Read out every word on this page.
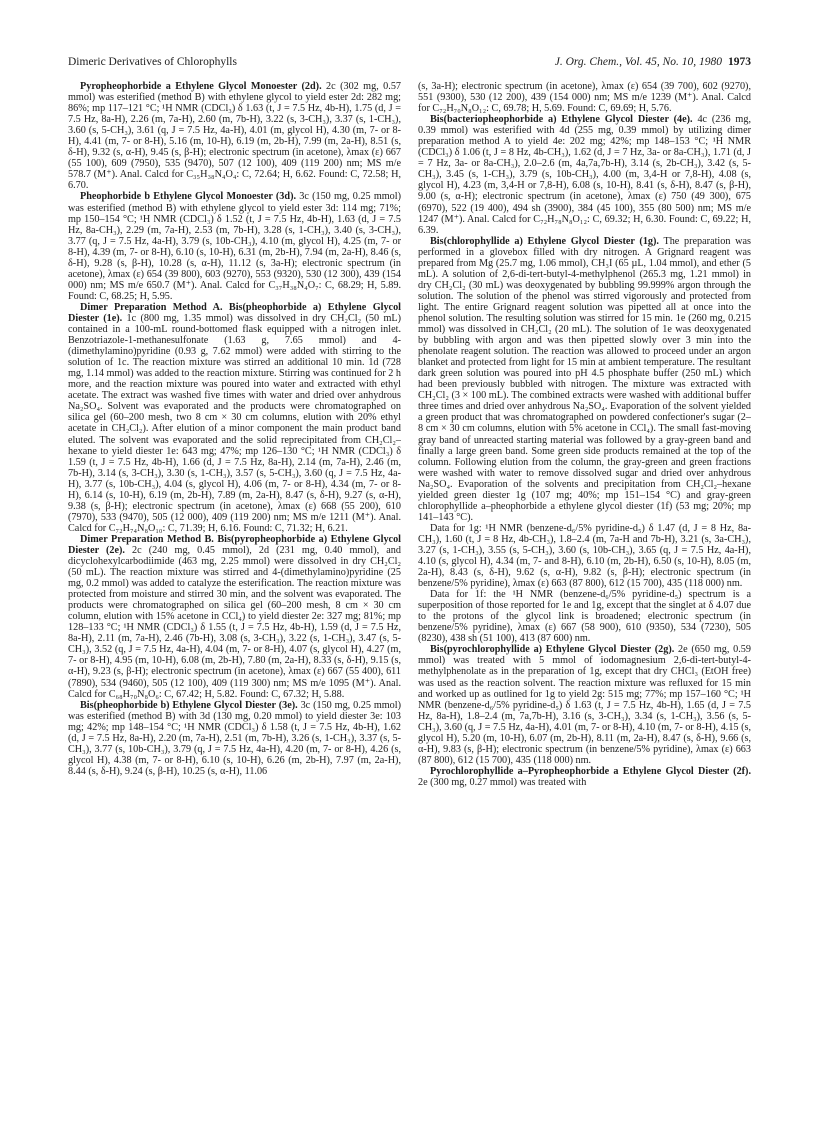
Dimeric Derivatives of Chlorophylls	J. Org. Chem., Vol. 45, No. 10, 1980 1973

Pyropheophorbide a Ethylene Glycol Monoester (2d). 2c (302 mg, 0.57 mmol) was esterified (method B) with ethylene glycol to yield ester 2d: 282 mg; 86%; mp 117–121 °C; ¹H NMR (CDCl₃) δ 1.63 (t, J = 7.5 Hz, 4b-H), 1.75 (d, J = 7.5 Hz, 8a-H), 2.26 (m, 7a-H), 2.60 (m, 7b-H), 3.22 (s, 3-CH₃), 3.37 (s, 1-CH₃), 3.60 (s, 5-CH₃), 3.61 (q, J = 7.5 Hz, 4a-H), 4.01 (m, glycol H), 4.30 (m, 7- or 8-H), 4.41 (m, 7- or 8-H), 5.16 (m, 10-H), 6.19 (m, 2b-H), 7.99 (m, 2a-H), 8.51 (s, δ-H), 9.32 (s, α-H), 9.45 (s, β-H); electronic spectrum (in acetone), λmax (ε) 667 (55 100), 609 (7950), 535 (9470), 507 (12 100), 409 (119 200) nm; MS m/e 578.7 (M⁺). Anal. Calcd for C₃₅H₃₈N₄O₄: C, 72.64; H, 6.62. Found: C, 72.58; H, 6.70.

Pheophorbide b Ethylene Glycol Monoester (3d). 3c (150 mg, 0.25 mmol) was esterified (method B) with ethylene glycol to yield ester 3d: 114 mg; 71%; mp 150–154 °C; ¹H NMR (CDCl₃) δ 1.52 (t, J = 7.5 Hz, 4b-H), 1.63 (d, J = 7.5 Hz, 8a-CH₃), 2.29 (m, 7a-H), 2.53 (m, 7b-H), 3.28 (s, 1-CH₃), 3.40 (s, 3-CH₃), 3.77 (q, J = 7.5 Hz, 4a-H), 3.79 (s, 10b-CH₃), 4.10 (m, glycol H), 4.25 (m, 7- or 8-H), 4.39 (m, 7- or 8-H), 6.10 (s, 10-H), 6.31 (m, 2b-H), 7.94 (m, 2a-H), 8.46 (s, δ-H), 9.28 (s, β-H), 10.28 (s, α-H), 11.12 (s, 3a-H); electronic spectrum (in acetone), λmax (ε) 654 (39 800), 603 (9270), 553 (9320), 530 (12 300), 439 (154 000) nm; MS m/e 650.7 (M⁺). Anal. Calcd for C₃₇H₃₈N₄O₇: C, 68.29; H, 5.89. Found: C, 68.25; H, 5.95.

Dimer Preparation Method A. Bis(pheophorbide a) Ethylene Glycol Diester (1e). 1c (800 mg, 1.35 mmol) was dissolved in dry CH₂Cl₂ (50 mL) contained in a 100-mL round-bottomed flask equipped with a nitrogen inlet. Benzotriazole-1-methanesulfonate (1.63 g, 7.65 mmol) and 4-(dimethylamino)pyridine (0.93 g, 7.62 mmol) were added with stirring to the solution of 1c. The reaction mixture was stirred an additional 10 min. 1d (728 mg, 1.14 mmol) was added to the reaction mixture. Stirring was continued for 2 h more, and the reaction mixture was poured into water and extracted with ethyl acetate. The extract was washed five times with water and dried over anhydrous Na₂SO₄. Solvent was evaporated and the products were chromatographed on silica gel (60–200 mesh, two 8 cm × 30 cm columns, elution with 20% ethyl acetate in CH₂Cl₂). After elution of a minor component the main product band eluted. The solvent was evaporated and the solid reprecipitated from CH₂Cl₂–hexane to yield diester 1e: 643 mg; 47%; mp 126–130 °C; ¹H NMR (CDCl₃) δ 1.59 (t, J = 7.5 Hz, 4b-H), 1.66 (d, J = 7.5 Hz, 8a-H), 2.14 (m, 7a-H), 2.46 (m, 7b-H), 3.14 (s, 3-CH₃), 3.30 (s, 1-CH₃), 3.57 (s, 5-CH₃), 3.60 (q, J = 7.5 Hz, 4a-H), 3.77 (s, 10b-CH₃), 4.04 (s, glycol H), 4.06 (m, 7- or 8-H), 4.34 (m, 7- or 8-H), 6.14 (s, 10-H), 6.19 (m, 2b-H), 7.89 (m, 2a-H), 8.47 (s, δ-H), 9.27 (s, α-H), 9.38 (s, β-H); electronic spectrum (in acetone), λmax (ε) 668 (55 200), 610 (7970), 533 (9470), 505 (12 000), 409 (119 200) nm; MS m/e 1211 (M⁺). Anal. Calcd for C₇₂H₇₄N₈O₁₀: C, 71.39; H, 6.16. Found: C, 71.32; H, 6.21.

Dimer Preparation Method B. Bis(pyropheophorbide a) Ethylene Glycol Diester (2e). 2c (240 mg, 0.45 mmol), 2d (231 mg, 0.40 mmol), and dicyclohexylcarbodiimide (463 mg, 2.25 mmol) were dissolved in dry CH₂Cl₂ (50 mL). The reaction mixture was stirred and 4-(dimethylamino)pyridine (25 mg, 0.2 mmol) was added to catalyze the esterification. The reaction mixture was protected from moisture and stirred 30 min, and the solvent was evaporated. The products were chromatographed on silica gel (60–200 mesh, 8 cm × 30 cm column, elution with 15% acetone in CCl₄) to yield diester 2e: 327 mg; 81%; mp 128–133 °C; ¹H NMR (CDCl₃) δ 1.55 (t, J = 7.5 Hz, 4b-H), 1.59 (d, J = 7.5 Hz, 8a-H), 2.11 (m, 7a-H), 2.46 (7b-H), 3.08 (s, 3-CH₃), 3.22 (s, 1-CH₃), 3.47 (s, 5-CH₃), 3.52 (q, J = 7.5 Hz, 4a-H), 4.04 (m, 7- or 8-H), 4.07 (s, glycol H), 4.27 (m, 7- or 8-H), 4.95 (m, 10-H), 6.08 (m, 2b-H), 7.80 (m, 2a-H), 8.33 (s, δ-H), 9.15 (s, α-H), 9.23 (s, β-H); electronic spectrum (in acetone), λmax (ε) 667 (55 400), 611 (7890), 534 (9460), 505 (12 100), 409 (119 300) nm; MS m/e 1095 (M⁺). Anal. Calcd for C₆₈H₇₀N₈O₆: C, 67.42; H, 5.82. Found: C, 67.32; H, 5.88.

Bis(pheophorbide b) Ethylene Glycol Diester (3e). 3c (150 mg, 0.25 mmol) was esterified (method B) with 3d (130 mg, 0.20 mmol) to yield diester 3e: 103 mg; 42%; mp 148–154 °C; ¹H NMR (CDCl₃) δ 1.58 (t, J = 7.5 Hz, 4b-H), 1.62 (d, J = 7.5 Hz, 8a-H), 2.20 (m, 7a-H), 2.51 (m, 7b-H), 3.26 (s, 1-CH₃), 3.37 (s, 5-CH₃), 3.77 (s, 10b-CH₃), 3.79 (q, J = 7.5 Hz, 4a-H), 4.20 (m, 7- or 8-H), 4.26 (s, glycol H), 4.38 (m, 7- or 8-H), 6.10 (s, 10-H), 6.26 (m, 2b-H), 7.97 (m, 2a-H), 8.44 (s, δ-H), 9.24 (s, β-H), 10.25 (s, α-H), 11.06

(s, 3a-H); electronic spectrum (in acetone), λmax (ε) 654 (39 700), 602 (9270), 551 (9300), 530 (12 200), 439 (154 000) nm; MS m/e 1239 (M⁺). Anal. Calcd for C₇₂H₇₀N₈O₁₂: C, 69.78; H, 5.69. Found: C, 69.69; H, 5.76.

Bis(bacteriopheophorbide a) Ethylene Glycol Diester (4e). 4c (236 mg, 0.39 mmol) was esterified with 4d (255 mg, 0.39 mmol) by utilizing dimer preparation method A to yield 4e: 202 mg; 42%; mp 148–153 °C; ¹H NMR (CDCl₃) δ 1.06 (t, J = 8 Hz, 4b-CH₃), 1.62 (d, J = 7 Hz, 3a- or 8a-CH₃), 1.71 (d, J = 7 Hz, 3a- or 8a-CH₃), 2.0–2.6 (m, 4a,7a,7b-H), 3.14 (s, 2b-CH₃), 3.42 (s, 5-CH₃), 3.45 (s, 1-CH₃), 3.79 (s, 10b-CH₃), 4.00 (m, 3,4-H or 7,8-H), 4.08 (s, glycol H), 4.23 (m, 3,4-H or 7,8-H), 6.08 (s, 10-H), 8.41 (s, δ-H), 8.47 (s, β-H), 9.00 (s, α-H); electronic spectrum (in acetone), λmax (ε) 750 (49 300), 675 (6970), 522 (19 400), 494 sh (3900), 384 (45 100), 355 (80 500) nm; MS m/e 1247 (M⁺). Anal. Calcd for C₇₂H₇₈N₈O₁₂: C, 69.32; H, 6.30. Found: C, 69.22; H, 6.39.

Bis(chlorophyllide a) Ethylene Glycol Diester (1g). The preparation was performed in a glovebox filled with dry nitrogen. A Grignard reagent was prepared from Mg (25.7 mg, 1.06 mmol), CH₃I (65 µL, 1.04 mmol), and ether (5 mL). A solution of 2,6-di-tert-butyl-4-methylphenol (265.3 mg, 1.21 mmol) in dry CH₂Cl₂ (30 mL) was deoxygenated by bubbling 99.999% argon through the solution. The solution of the phenol was stirred vigorously and protected from light. The entire Grignard reagent solution was pipetted all at once into the phenol solution. The resulting solution was stirred for 15 min. 1e (260 mg, 0.215 mmol) was dissolved in CH₂Cl₂ (20 mL). The solution of 1e was deoxygenated by bubbling with argon and was then pipetted slowly over 3 min into the phenolate reagent solution. The reaction was allowed to proceed under an argon blanket and protected from light for 15 min at ambient temperature. The resultant dark green solution was poured into pH 4.5 phosphate buffer (250 mL) which had been previously bubbled with nitrogen. The mixture was extracted with CH₂Cl₂ (3 × 100 mL). The combined extracts were washed with additional buffer three times and dried over anhydrous Na₂SO₄. Evaporation of the solvent yielded a green product that was chromatographed on powdered confectioner's sugar (2–8 cm × 30 cm columns, elution with 5% acetone in CCl₄). The small fast-moving gray band of unreacted starting material was followed by a gray-green band and finally a large green band. Some green side products remained at the top of the column. Following elution from the column, the gray-green and green fractions were washed with water to remove dissolved sugar and dried over anhydrous Na₂SO₄. Evaporation of the solvents and precipitation from CH₂Cl₂–hexane yielded green diester 1g (107 mg; 40%; mp 151–154 °C) and gray-green chlorophyllide a–pheophorbide a ethylene glycol diester (1f) (53 mg; 20%; mp 141–143 °C).

Data for 1g: ¹H NMR (benzene-d₆/5% pyridine-d₅) δ 1.47 (d, J = 8 Hz, 8a-CH₃), 1.60 (t, J = 8 Hz, 4b-CH₃), 1.8–2.4 (m, 7a-H and 7b-H), 3.21 (s, 3a-CH₃), 3.27 (s, 1-CH₃), 3.55 (s, 5-CH₃), 3.60 (s, 10b-CH₃), 3.65 (q, J = 7.5 Hz, 4a-H), 4.10 (s, glycol H), 4.34 (m, 7- and 8-H), 6.10 (m, 2b-H), 6.50 (s, 10-H), 8.05 (m, 2a-H), 8.43 (s, δ-H), 9.62 (s, α-H), 9.82 (s, β-H); electronic spectrum (in benzene/5% pyridine), λmax (ε) 663 (87 800), 612 (15 700), 435 (118 000) nm.

Data for 1f: the ¹H NMR (benzene-d₆/5% pyridine-d₅) spectrum is a superposition of those reported for 1e and 1g, except that the singlet at δ 4.07 due to the protons of the glycol link is broadened; electronic spectrum (in benzene/5% pyridine), λmax (ε) 667 (58 900), 610 (9350), 534 (7230), 505 (8230), 438 sh (51 100), 413 (87 600) nm.

Bis(pyrochlorophyllide a) Ethylene Glycol Diester (2g). 2e (650 mg, 0.59 mmol) was treated with 5 mmol of iodomagnesium 2,6-di-tert-butyl-4-methylphenolate as in the preparation of 1g, except that dry CHCl₃ (EtOH free) was used as the reaction solvent. The reaction mixture was refluxed for 15 min and worked up as outlined for 1g to yield 2g: 515 mg; 77%; mp 157–160 °C; ¹H NMR (benzene-d₆/5% pyridine-d₅) δ 1.63 (t, J = 7.5 Hz, 4b-H), 1.65 (d, J = 7.5 Hz, 8a-H), 1.8–2.4 (m, 7a,7b-H), 3.16 (s, 3-CH₃), 3.34 (s, 1-CH₃), 3.56 (s, 5-CH₃), 3.60 (q, J = 7.5 Hz, 4a-H), 4.01 (m, 7- or 8-H), 4.10 (m, 7- or 8-H), 4.15 (s, glycol H), 5.20 (m, 10-H), 6.07 (m, 2b-H), 8.11 (m, 2a-H), 8.47 (s, δ-H), 9.66 (s, α-H), 9.83 (s, β-H); electronic spectrum (in benzene/5% pyridine), λmax (ε) 663 (87 800), 612 (15 700), 435 (118 000) nm.

Pyrochlorophyllide a–Pyropheophorbide a Ethylene Glycol Diester (2f). 2e (300 mg, 0.27 mmol) was treated with
